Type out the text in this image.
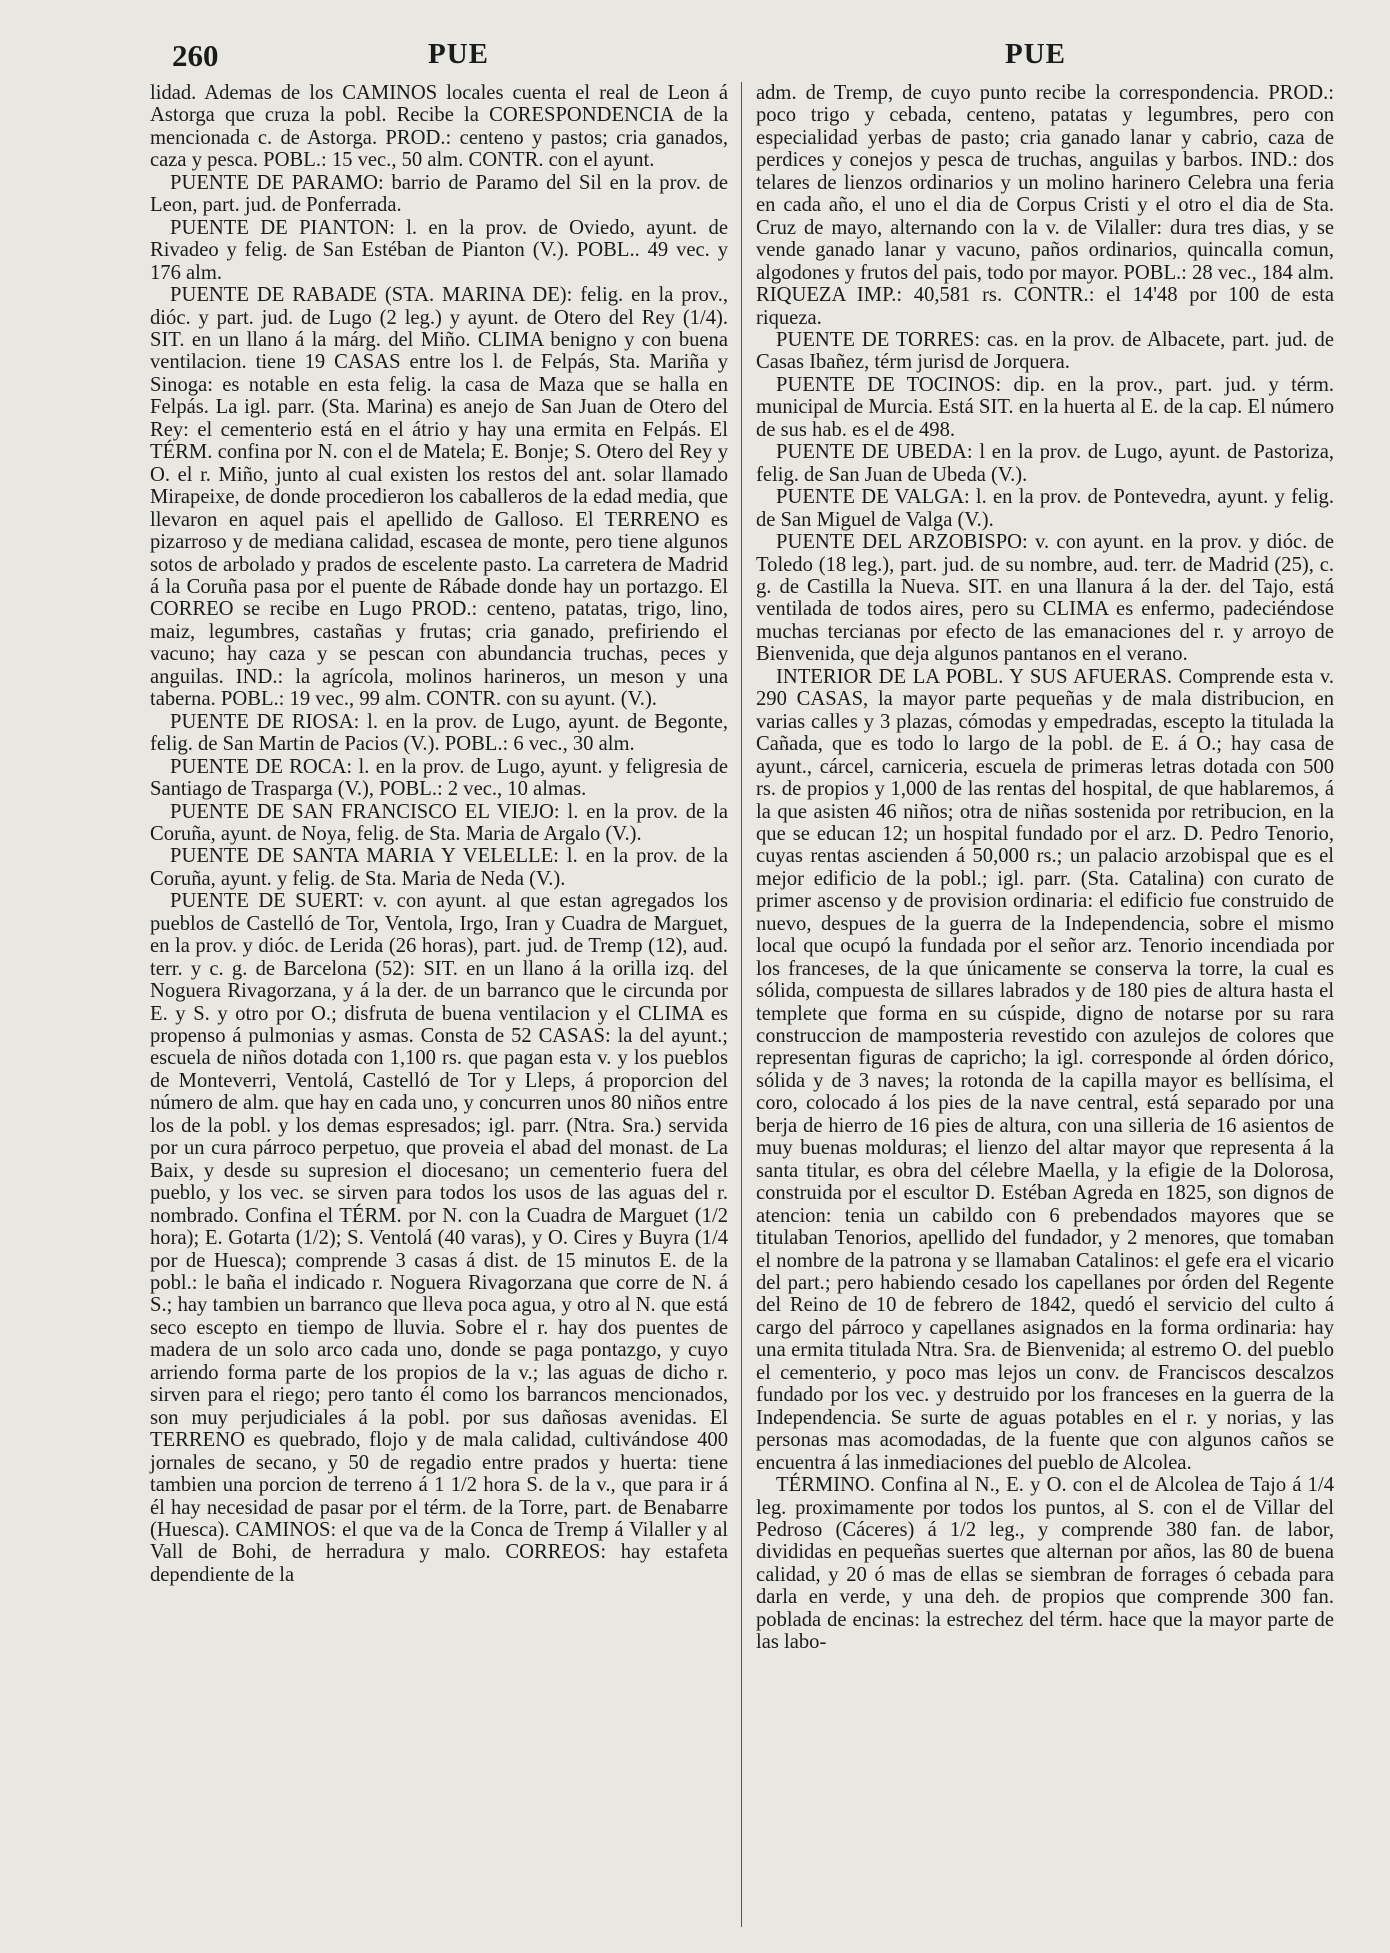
260	PUE	PUE

lidad. Ademas de los CAMINOS locales cuenta el real de Leon á Astorga que cruza la pobl. Recibe la CORESPONDENCIA de la mencionada c. de Astorga. PROD.: centeno y pastos; cria ganados, caza y pesca. POBL.: 15 vec., 50 alm. CONTR. con el ayunt.

PUENTE DE PARAMO: barrio de Paramo del Sil en la prov. de Leon, part. jud. de Ponferrada.

PUENTE DE PIANTON: l. en la prov. de Oviedo, ayunt. de Rivadeo y felig. de San Estéban de Pianton (V.). POBL.. 49 vec. y 176 alm.

PUENTE DE RABADE (STA. MARINA DE): felig. en la prov., dióc. y part. jud. de Lugo (2 leg.) y ayunt. de Otero del Rey (1/4). SIT. en un llano á la márg. del Miño. CLIMA benigno y con buena ventilacion. tiene 19 CASAS entre los l. de Felpás, Sta. Mariña y Sinoga: es notable en esta felig. la casa de Maza que se halla en Felpás. La igl. parr. (Sta. Marina) es anejo de San Juan de Otero del Rey: el cementerio está en el átrio y hay una ermita en Felpás. El TÉRM. confina por N. con el de Matela; E. Bonje; S. Otero del Rey y O. el r. Miño, junto al cual existen los restos del ant. solar llamado Mirapeixe, de donde procedieron los caballeros de la edad media, que llevaron en aquel pais el apellido de Galloso. El TERRENO es pizarroso y de mediana calidad, escasea de monte, pero tiene algunos sotos de arbolado y prados de escelente pasto. La carretera de Madrid á la Coruña pasa por el puente de Rábade donde hay un portazgo. El CORREO se recibe en Lugo PROD.: centeno, patatas, trigo, lino, maiz, legumbres, castañas y frutas; cria ganado, prefiriendo el vacuno; hay caza y se pescan con abundancia truchas, peces y anguilas. IND.: la agrícola, molinos harineros, un meson y una taberna. POBL.: 19 vec., 99 alm. CONTR. con su ayunt. (V.).

PUENTE DE RIOSA: l. en la prov. de Lugo, ayunt. de Begonte, felig. de San Martin de Pacios (V.). POBL.: 6 vec., 30 alm.

PUENTE DE ROCA: l. en la prov. de Lugo, ayunt. y feligresia de Santiago de Trasparga (V.), POBL.: 2 vec., 10 almas.

PUENTE DE SAN FRANCISCO EL VIEJO: l. en la prov. de la Coruña, ayunt. de Noya, felig. de Sta. Maria de Argalo (V.).

PUENTE DE SANTA MARIA Y VELELLE: l. en la prov. de la Coruña, ayunt. y felig. de Sta. Maria de Neda (V.).

PUENTE DE SUERT: v. con ayunt. al que estan agregados los pueblos de Castelló de Tor, Ventola, Irgo, Iran y Cuadra de Marguet, en la prov. y dióc. de Lerida (26 horas), part. jud. de Tremp (12), aud. terr. y c. g. de Barcelona (52): SIT. en un llano á la orilla izq. del Noguera Rivagorzana, y á la der. de un barranco que le circunda por E. y S. y otro por O.; disfruta de buena ventilacion y el CLIMA es propenso á pulmonias y asmas. Consta de 52 CASAS: la del ayunt.; escuela de niños dotada con 1,100 rs. que pagan esta v. y los pueblos de Monteverri, Ventolá, Castelló de Tor y Lleps, á proporcion del número de alm. que hay en cada uno, y concurren unos 80 niños entre los de la pobl. y los demas espresados; igl. parr. (Ntra. Sra.) servida por un cura párroco perpetuo, que proveia el abad del monast. de La Baix, y desde su supresion el diocesano; un cementerio fuera del pueblo, y los vec. se sirven para todos los usos de las aguas del r. nombrado. Confina el TÉRM. por N. con la Cuadra de Marguet (1/2 hora); E. Gotarta (1/2); S. Ventolá (40 varas), y O. Cires y Buyra (1/4 por de Huesca); comprende 3 casas á dist. de 15 minutos E. de la pobl.: le baña el indicado r. Noguera Rivagorzana que corre de N. á S.; hay tambien un barranco que lleva poca agua, y otro al N. que está seco escepto en tiempo de lluvia. Sobre el r. hay dos puentes de madera de un solo arco cada uno, donde se paga pontazgo, y cuyo arriendo forma parte de los propios de la v.; las aguas de dicho r. sirven para el riego; pero tanto él como los barrancos mencionados, son muy perjudiciales á la pobl. por sus dañosas avenidas. El TERRENO es quebrado, flojo y de mala calidad, cultivándose 400 jornales de secano, y 50 de regadio entre prados y huerta: tiene tambien una porcion de terreno á 1 1/2 hora S. de la v., que para ir á él hay necesidad de pasar por el térm. de la Torre, part. de Benabarre (Huesca). CAMINOS: el que va de la Conca de Tremp á Vilaller y al Vall de Bohi, de herradura y malo. CORREOS: hay estafeta dependiente de la

adm. de Tremp, de cuyo punto recibe la correspondencia. PROD.: poco trigo y cebada, centeno, patatas y legumbres, pero con especialidad yerbas de pasto; cria ganado lanar y cabrio, caza de perdices y conejos y pesca de truchas, anguilas y barbos. IND.: dos telares de lienzos ordinarios y un molino harinero Celebra una feria en cada año, el uno el dia de Corpus Cristi y el otro el dia de Sta. Cruz de mayo, alternando con la v. de Vilaller: dura tres dias, y se vende ganado lanar y vacuno, paños ordinarios, quincalla comun, algodones y frutos del pais, todo por mayor. POBL.: 28 vec., 184 alm. RIQUEZA IMP.: 40,581 rs. CONTR.: el 14'48 por 100 de esta riqueza.

PUENTE DE TORRES: cas. en la prov. de Albacete, part. jud. de Casas Ibañez, térm jurisd de Jorquera.

PUENTE DE TOCINOS: dip. en la prov., part. jud. y térm. municipal de Murcia. Está SIT. en la huerta al E. de la cap. El número de sus hab. es el de 498.

PUENTE DE UBEDA: l en la prov. de Lugo, ayunt. de Pastoriza, felig. de San Juan de Ubeda (V.).

PUENTE DE VALGA: l. en la prov. de Pontevedra, ayunt. y felig. de San Miguel de Valga (V.).

PUENTE DEL ARZOBISPO: v. con ayunt. en la prov. y dióc. de Toledo (18 leg.), part. jud. de su nombre, aud. terr. de Madrid (25), c. g. de Castilla la Nueva. SIT. en una llanura á la der. del Tajo, está ventilada de todos aires, pero su CLIMA es enfermo, padeciéndose muchas tercianas por efecto de las emanaciones del r. y arroyo de Bienvenida, que deja algunos pantanos en el verano.

INTERIOR DE LA POBL. Y SUS AFUERAS. Comprende esta v. 290 CASAS, la mayor parte pequeñas y de mala distribucion, en varias calles y 3 plazas, cómodas y empedradas, escepto la titulada la Cañada, que es todo lo largo de la pobl. de E. á O.; hay casa de ayunt., cárcel, carniceria, escuela de primeras letras dotada con 500 rs. de propios y 1,000 de las rentas del hospital, de que hablaremos, á la que asisten 46 niños; otra de niñas sostenida por retribucion, en la que se educan 12; un hospital fundado por el arz. D. Pedro Tenorio, cuyas rentas ascienden á 50,000 rs.; un palacio arzobispal que es el mejor edificio de la pobl.; igl. parr. (Sta. Catalina) con curato de primer ascenso y de provision ordinaria: el edificio fue construido de nuevo, despues de la guerra de la Independencia, sobre el mismo local que ocupó la fundada por el señor arz. Tenorio incendiada por los franceses, de la que únicamente se conserva la torre, la cual es sólida, compuesta de sillares labrados y de 180 pies de altura hasta el templete que forma en su cúspide, digno de notarse por su rara construccion de mamposteria revestido con azulejos de colores que representan figuras de capricho; la igl. corresponde al órden dórico, sólida y de 3 naves; la rotonda de la capilla mayor es bellísima, el coro, colocado á los pies de la nave central, está separado por una berja de hierro de 16 pies de altura, con una silleria de 16 asientos de muy buenas molduras; el lienzo del altar mayor que representa á la santa titular, es obra del célebre Maella, y la efigie de la Dolorosa, construida por el escultor D. Estéban Agreda en 1825, son dignos de atencion: tenia un cabildo con 6 prebendados mayores que se titulaban Tenorios, apellido del fundador, y 2 menores, que tomaban el nombre de la patrona y se llamaban Catalinos: el gefe era el vicario del part.; pero habiendo cesado los capellanes por órden del Regente del Reino de 10 de febrero de 1842, quedó el servicio del culto á cargo del párroco y capellanes asignados en la forma ordinaria: hay una ermita titulada Ntra. Sra. de Bienvenida; al estremo O. del pueblo el cementerio, y poco mas lejos un conv. de Franciscos descalzos fundado por los vec. y destruido por los franceses en la guerra de la Independencia. Se surte de aguas potables en el r. y norias, y las personas mas acomodadas, de la fuente que con algunos caños se encuentra á las inmediaciones del pueblo de Alcolea.

TÉRMINO. Confina al N., E. y O. con el de Alcolea de Tajo á 1/4 leg. proximamente por todos los puntos, al S. con el de Villar del Pedroso (Cáceres) á 1/2 leg., y comprende 380 fan. de labor, divididas en pequeñas suertes que alternan por años, las 80 de buena calidad, y 20 ó mas de ellas se siembran de forrages ó cebada para darla en verde, y una deh. de propios que comprende 300 fan. poblada de encinas: la estrechez del térm. hace que la mayor parte de las labo-
